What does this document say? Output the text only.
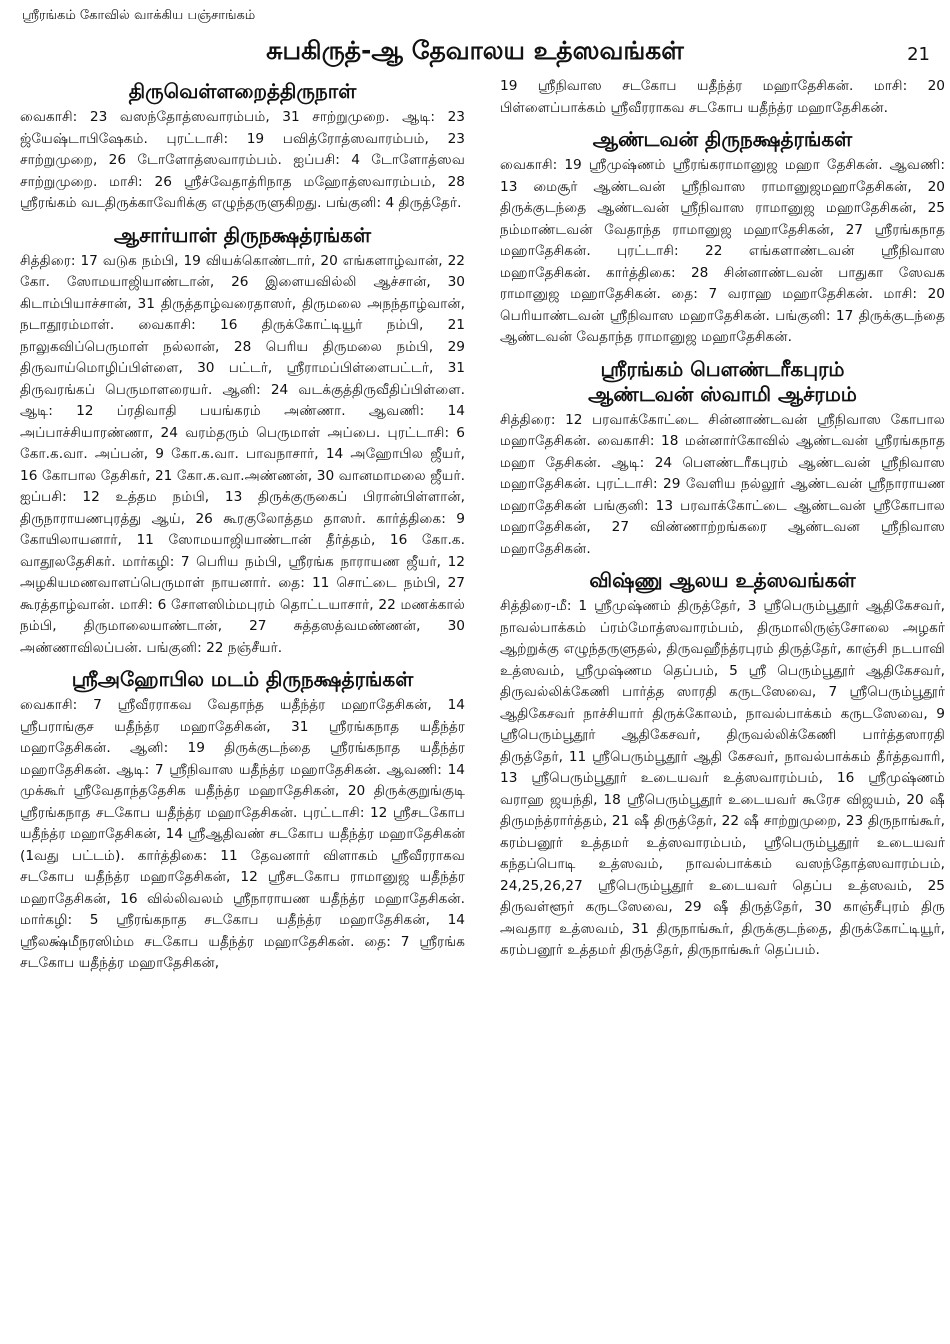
ஸ்ரீரங்கம் கோவில் வாக்கிய பஞ்சாங்கம்
சுபகிருத்-ஆ தேவாலய உத்ஸவங்கள்	21
திருவெள்ளறைத்திருநாள்

வைகாசி: 23 வஸந்தோத்ஸவாரம்பம், 31 சாற்றுமுறை. ஆடி: 23 ஜ்யேஷ்டாபிஷேகம். புரட்டாசி: 19 பவித்ரோத்ஸவாரம்பம், 23 சாற்றுமுறை, 26 டோளோத்ஸவாரம்பம். ஐப்பசி: 4 டோளோத்ஸவ சாற்றுமுறை. மாசி: 26 ஸ்ரீச்வேதாத்ரிநாத மஹோத்ஸவாரம்பம், 28 ஸ்ரீரங்கம் வடதிருக்காவேரிக்கு எழுந்தருளுகிறது. பங்குனி: 4 திருத்தேர்.

ஆசார்யாள் திருநக்ஷத்ரங்கள்

சித்திரை: 17 வடுக நம்பி, 19 வியக்கொண்டார், 20 எங்களாழ்வான், 22 கோ. ஸோமயாஜியாண்டான், 26 இளையவில்லி ஆச்சான், 30 கிடாம்பியாச்சான், 31 திருத்தாழ்வரைதாஸர், திருமலை அநந்தாழ்வான், நடாதூரம்மாள். வைகாசி: 16 திருக்கோட்டியூர் நம்பி, 21 நாலுகவிப்பெருமாள் நல்லான், 28 பெரிய திருமலை நம்பி, 29 திருவாய்மொழிப்பிள்ளை, 30 பட்டர், ஸ்ரீராமப்பிள்ளைபட்டர், 31 திருவரங்கப் பெருமாளரையர். ஆனி: 24 வடக்குத்திருவீதிப்பிள்ளை. ஆடி: 12 ப்ரதிவாதி பயங்கரம் அண்ணா. ஆவணி: 14 அப்பாச்சியாரண்ணா, 24 வரம்தரும் பெருமாள் அப்பை. புரட்டாசி: 6 கோ.க.வா. அப்பன், 9 கோ.க.வா. பாவநாசார், 14 அஹோபில ஜீயர், 16 கோபால தேசிகர், 21 கோ.க.வா.அண்ணன், 30 வானமாமலை ஜீயர். ஐப்பசி: 12 உத்தம நம்பி, 13 திருக்குருகைப் பிரான்பிள்ளான், திருநாராயணபுரத்து ஆய், 26 கூரகுலோத்தம தாஸர். கார்த்திகை: 9 கோயிலாயனார், 11 ஸோமயாஜியாண்டான் தீர்த்தம், 16 கோ.க. வாதூலதேசிகர். மார்கழி: 7 பெரிய நம்பி, ஸ்ரீரங்க நாராயண ஜீயர், 12 அழகியமணவாளப்பெருமாள் நாயனார். தை: 11 சொட்டை நம்பி, 27 கூரத்தாழ்வான். மாசி: 6 சோளஸிம்மபுரம் தொட்டயாசார், 22 மணக்கால் நம்பி, திருமாலையாண்டான், 27 சுத்தஸத்வமண்ணன், 30 அண்ணாவிலப்பன். பங்குனி: 22 நஞ்சீயர்.

ஸ்ரீஅஹோபில மடம் திருநக்ஷத்ரங்கள்

வைகாசி: 7 ஸ்ரீவீரராகவ வேதாந்த யதீந்த்ர மஹாதேசிகன், 14 ஸ்ரீபராங்குச யதீந்த்ர மஹாதேசிகன், 31 ஸ்ரீரங்கநாத யதீந்த்ர மஹாதேசிகன். ஆனி: 19 திருக்குடந்தை ஸ்ரீரங்கநாத யதீந்த்ர மஹாதேசிகன். ஆடி: 7 ஸ்ரீநிவாஸ யதீந்த்ர மஹாதேசிகன். ஆவணி: 14 முக்கூர் ஸ்ரீவேதாந்ததேசிக யதீந்த்ர மஹாதேசிகன், 20 திருக்குறுங்குடி ஸ்ரீரங்கநாத சடகோப யதீந்த்ர மஹாதேசிகன். புரட்டாசி: 12 ஸ்ரீசடகோப யதீந்த்ர மஹாதேசிகன், 14 ஸ்ரீஆதிவண் சடகோப யதீந்த்ர மஹாதேசிகன் (1வது பட்டம்). கார்த்திகை: 11 தேவனார் விளாகம் ஸ்ரீவீரராகவ சடகோப யதீந்த்ர மஹாதேசிகன், 12 ஸ்ரீசடகோப ராமானுஜ யதீந்த்ர மஹாதேசிகன், 16 வில்லிவலம் ஸ்ரீநாராயண யதீந்த்ர மஹாதேசிகன். மார்கழி: 5 ஸ்ரீரங்கநாத சடகோப யதீந்த்ர மஹாதேசிகன், 14 ஸ்ரீலக்ஷ்மீநரஸிம்ம சடகோப யதீந்த்ர மஹாதேசிகன். தை: 7 ஸ்ரீரங்க சடகோப யதீந்த்ர மஹாதேசிகன்,

19 ஸ்ரீநிவாஸ சடகோப யதீந்த்ர மஹாதேசிகன். மாசி: 20 பிள்ளைப்பாக்கம் ஸ்ரீவீரராகவ சடகோப யதீந்த்ர மஹாதேசிகன்.

ஆண்டவன் திருநக்ஷத்ரங்கள்

வைகாசி: 19 ஸ்ரீமுஷ்ணம் ஸ்ரீரங்கராமானுஜ மஹா தேசிகன். ஆவணி: 13 மைசூர் ஆண்டவன் ஸ்ரீநிவாஸ ராமானுஜமஹாதேசிகன், 20 திருக்குடந்தை ஆண்டவன் ஸ்ரீநிவாஸ ராமானுஜ மஹாதேசிகன், 25 நம்மாண்டவன் வேதாந்த ராமானுஜ மஹாதேசிகன், 27 ஸ்ரீரங்கநாத மஹாதேசிகன். புரட்டாசி: 22 எங்களாண்டவன் ஸ்ரீநிவாஸ மஹாதேசிகன். கார்த்திகை: 28 சின்னாண்டவன் பாதுகா ஸேவக ராமானுஜ மஹாதேசிகன். தை: 7 வராஹ மஹாதேசிகன். மாசி: 20 பெரியாண்டவன் ஸ்ரீநிவாஸ மஹாதேசிகன். பங்குனி: 17 திருக்குடந்தை ஆண்டவன் வேதாந்த ராமானுஜ மஹாதேசிகன்.

ஸ்ரீரங்கம் பௌண்டரீகபுரம்
ஆண்டவன் ஸ்வாமி ஆச்ரமம்

சித்திரை: 12 பரவாக்கோட்டை சின்னாண்டவன் ஸ்ரீநிவாஸ கோபால மஹாதேசிகன். வைகாசி: 18 மன்னார்கோவில் ஆண்டவன் ஸ்ரீரங்கநாத மஹா தேசிகன். ஆடி: 24 பௌண்டரீகபுரம் ஆண்டவன் ஸ்ரீநிவாஸ மஹாதேசிகன். புரட்டாசி: 29 வேளிய நல்லூர் ஆண்டவன் ஸ்ரீநாராயண மஹாதேசிகன் பங்குனி: 13 பரவாக்கோட்டை ஆண்டவன் ஸ்ரீகோபால மஹாதேசிகன், 27 விண்ணாற்றங்கரை ஆண்டவன ஸ்ரீநிவாஸ மஹாதேசிகன்.

விஷ்ணு ஆலய உத்ஸவங்கள்

சித்திரை-மீ: 1 ஸ்ரீமுஷ்ணம் திருத்தேர், 3 ஸ்ரீபெரும்பூதூர் ஆதிகேசவர், நாவல்பாக்கம் ப்ரம்மோத்ஸவாரம்பம், திருமாலிருஞ்சோலை அழகர் ஆற்றுக்கு எழுந்தருளுதல், திருவஹீந்த்ரபுரம் திருத்தேர், காஞ்சி நடபாவி உத்ஸவம், ஸ்ரீமுஷ்ணம தெப்பம், 5 ஸ்ரீ பெரும்பூதூர் ஆதிகேசவர், திருவல்லிக்கேணி பார்த்த ஸாரதி கருடஸேவை, 7 ஸ்ரீபெரும்பூதூர் ஆதிகேசவர் நாச்சியார் திருக்கோலம், நாவல்பாக்கம் கருடஸேவை, 9 ஸ்ரீபெரும்பூதூர் ஆதிகேசவர், திருவல்லிக்கேணி பார்த்தஸாரதி திருத்தேர், 11 ஸ்ரீபெரும்பூதூர் ஆதி கேசவர், நாவல்பாக்கம் தீர்த்தவாரி, 13 ஸ்ரீபெரும்பூதூர் உடையவர் உத்ஸவாரம்பம், 16 ஸ்ரீமுஷ்ணம் வராஹ ஜயந்தி, 18 ஸ்ரீபெரும்பூதூர் உடையவர் கூரேச விஜயம், 20 ஷீ திருமந்த்ரார்த்தம், 21 ஷீ திருத்தேர், 22 ஷீ சாற்றுமுறை, 23 திருநாங்கூர், கரம்பனூர் உத்தமர் உத்ஸவாரம்பம், ஸ்ரீபெரும்பூதூர் உடையவர் கந்தப்பொடி உத்ஸவம், நாவல்பாக்கம் வஸந்தோத்ஸவாரம்பம், 24,25,26,27 ஸ்ரீபெரும்பூதூர் உடையவர் தெப்ப உத்ஸவம், 25 திருவள்ளூர் கருடஸேவை, 29 ஷீ திருத்தேர், 30 காஞ்சீபுரம் திரு அவதார உத்ஸவம், 31 திருநாங்கூர், திருக்குடந்தை, திருக்கோட்டியூர், கரம்பனூர் உத்தமர் திருத்தேர், திருநாங்கூர் தெப்பம்.
